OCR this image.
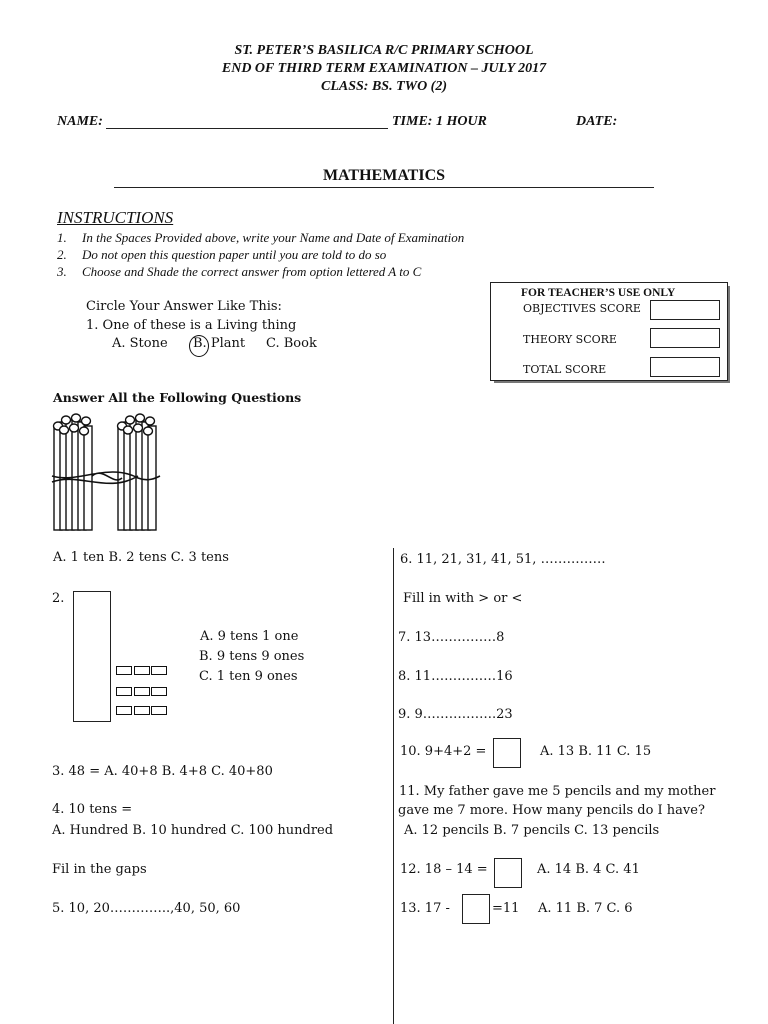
ST. PETER’S BASILICA R/C PRIMARY SCHOOL
END OF THIRD TERM EXAMINATION – JULY 2017
CLASS: BS. TWO (2)
NAME:	TIME: 1 HOUR	DATE:
MATHEMATICS
INSTRUCTIONS
1. In the Spaces Provided above, write your Name and Date of Examination
2. Do not open this question paper until you are told to do so
3. Choose and Shade the correct answer from option lettered A to C
Circle Your Answer Like This:
1. One of these is a Living thing
A. Stone B. Plant C. Book
FOR TEACHER’S USE ONLY
OBJECTIVES SCORE
THEORY SCORE
TOTAL SCORE
Answer All the Following Questions
A. 1 ten B. 2 tens C. 3 tens
2.
A. 9 tens 1 one
B. 9 tens 9 ones
C. 1 ten 9 ones
3. 48 = A. 40+8 B. 4+8 C. 40+80
4. 10 tens =
A. Hundred B. 10 hundred C. 100 hundred
Fil in the gaps
5. 10, 20…………..,40, 50, 60
6. 11, 21, 31, 41, 51, ……………
Fill in with > or <
7. 13……………8
8. 11……………16
9. 9……………..23
10. 9+4+2 =	A. 13 B. 11 C. 15
11. My father gave me 5 pencils and my mother
gave me 7 more. How many pencils do I have?
A. 12 pencils B. 7 pencils C. 13 pencils
12. 18 – 14 =	A. 14 B. 4 C. 41
13. 17 -	=11 A. 11 B. 7 C. 6
